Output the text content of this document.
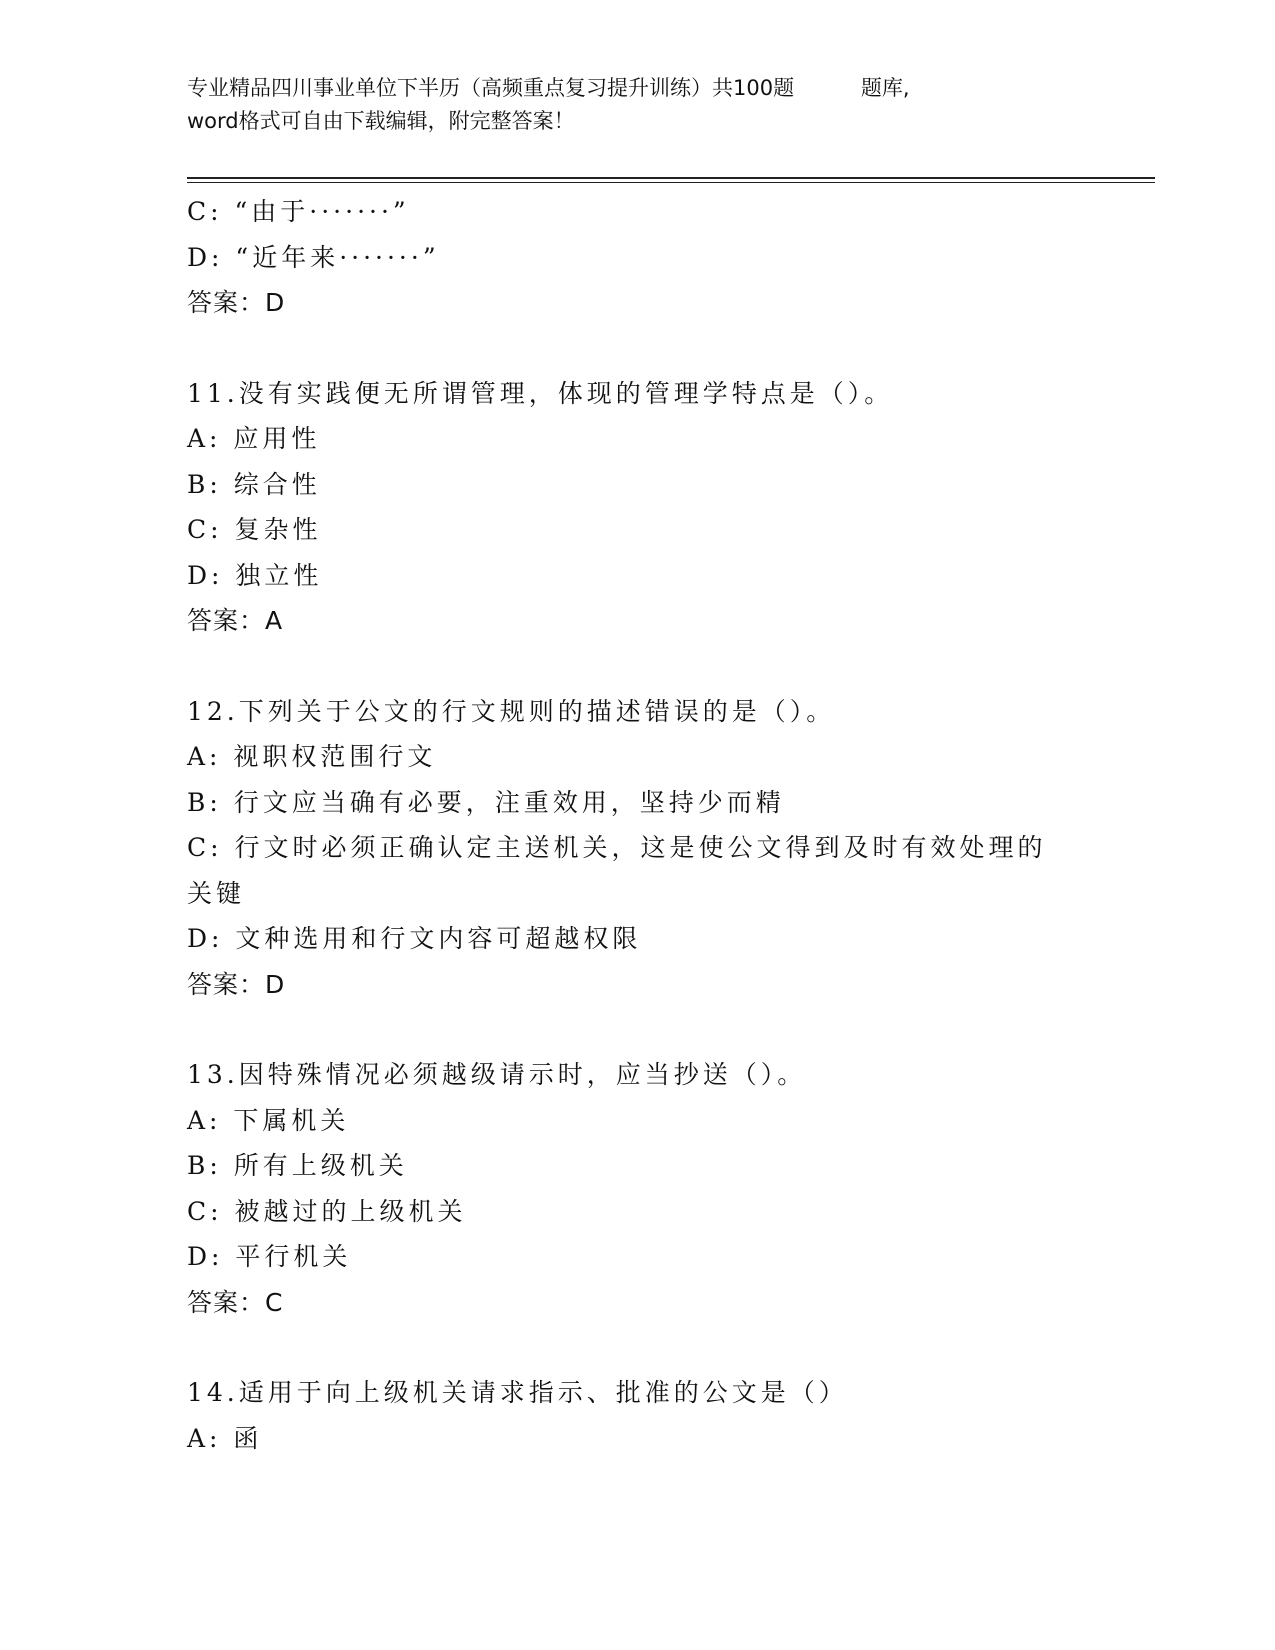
专业精品四川事业单位下半历（高频重点复习提升训练）共100题          题库,
word格式可自由下载编辑，附完整答案！
C: “由于·······”
D: “近年来·······”
答案：D
11.没有实践便无所谓管理，体现的管理学特点是（）。
A: 应用性
B: 综合性
C: 复杂性
D: 独立性
答案：A
12.下列关于公文的行文规则的描述错误的是（）。
A: 视职权范围行文
B: 行文应当确有必要，注重效用，坚持少而精
C: 行文时必须正确认定主送机关，这是使公文得到及时有效处理的关键
D: 文种选用和行文内容可超越权限
答案：D
13.因特殊情况必须越级请示时，应当抄送（）。
A: 下属机关
B: 所有上级机关
C: 被越过的上级机关
D: 平行机关
答案：C
14.适用于向上级机关请求指示、批准的公文是（）
A: 函
